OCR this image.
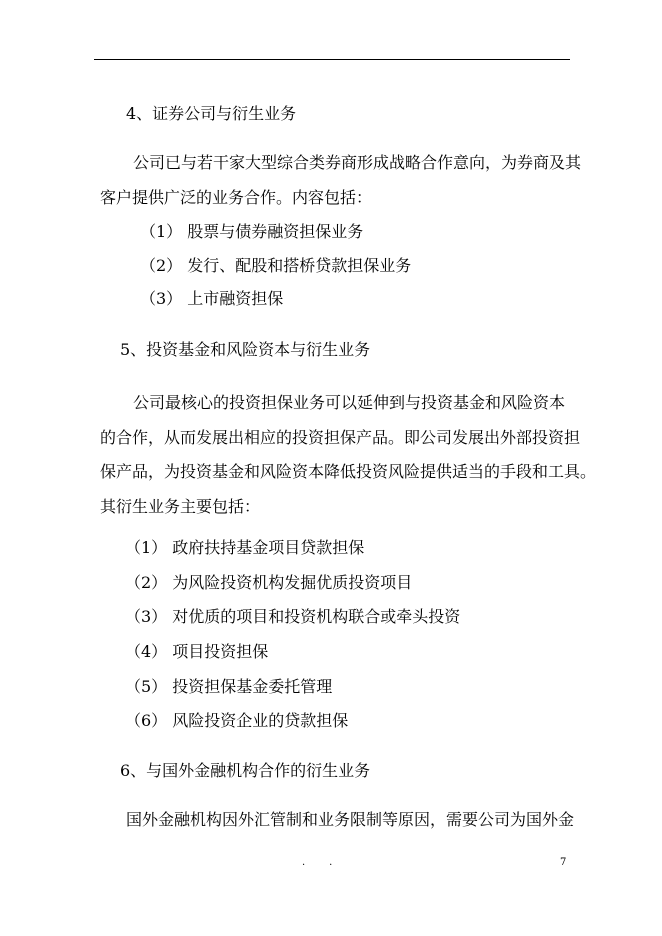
4、证券公司与衍生业务
公司已与若干家大型综合类券商形成战略合作意向，为券商及其
客户提供广泛的业务合作。内容包括：
（1） 股票与债券融资担保业务
（2） 发行、配股和搭桥贷款担保业务
（3） 上市融资担保
5、投资基金和风险资本与衍生业务
公司最核心的投资担保业务可以延伸到与投资基金和风险资本
的合作，从而发展出相应的投资担保产品。即公司发展出外部投资担
保产品，为投资基金和风险资本降低投资风险提供适当的手段和工具。
其衍生业务主要包括：
（1） 政府扶持基金项目贷款担保
（2） 为风险投资机构发掘优质投资项目
（3） 对优质的项目和投资机构联合或牵头投资
（4） 项目投资担保
（5） 投资担保基金委托管理
（6） 风险投资企业的贷款担保
6、与国外金融机构合作的衍生业务
国外金融机构因外汇管制和业务限制等原因，需要公司为国外金
..	7
